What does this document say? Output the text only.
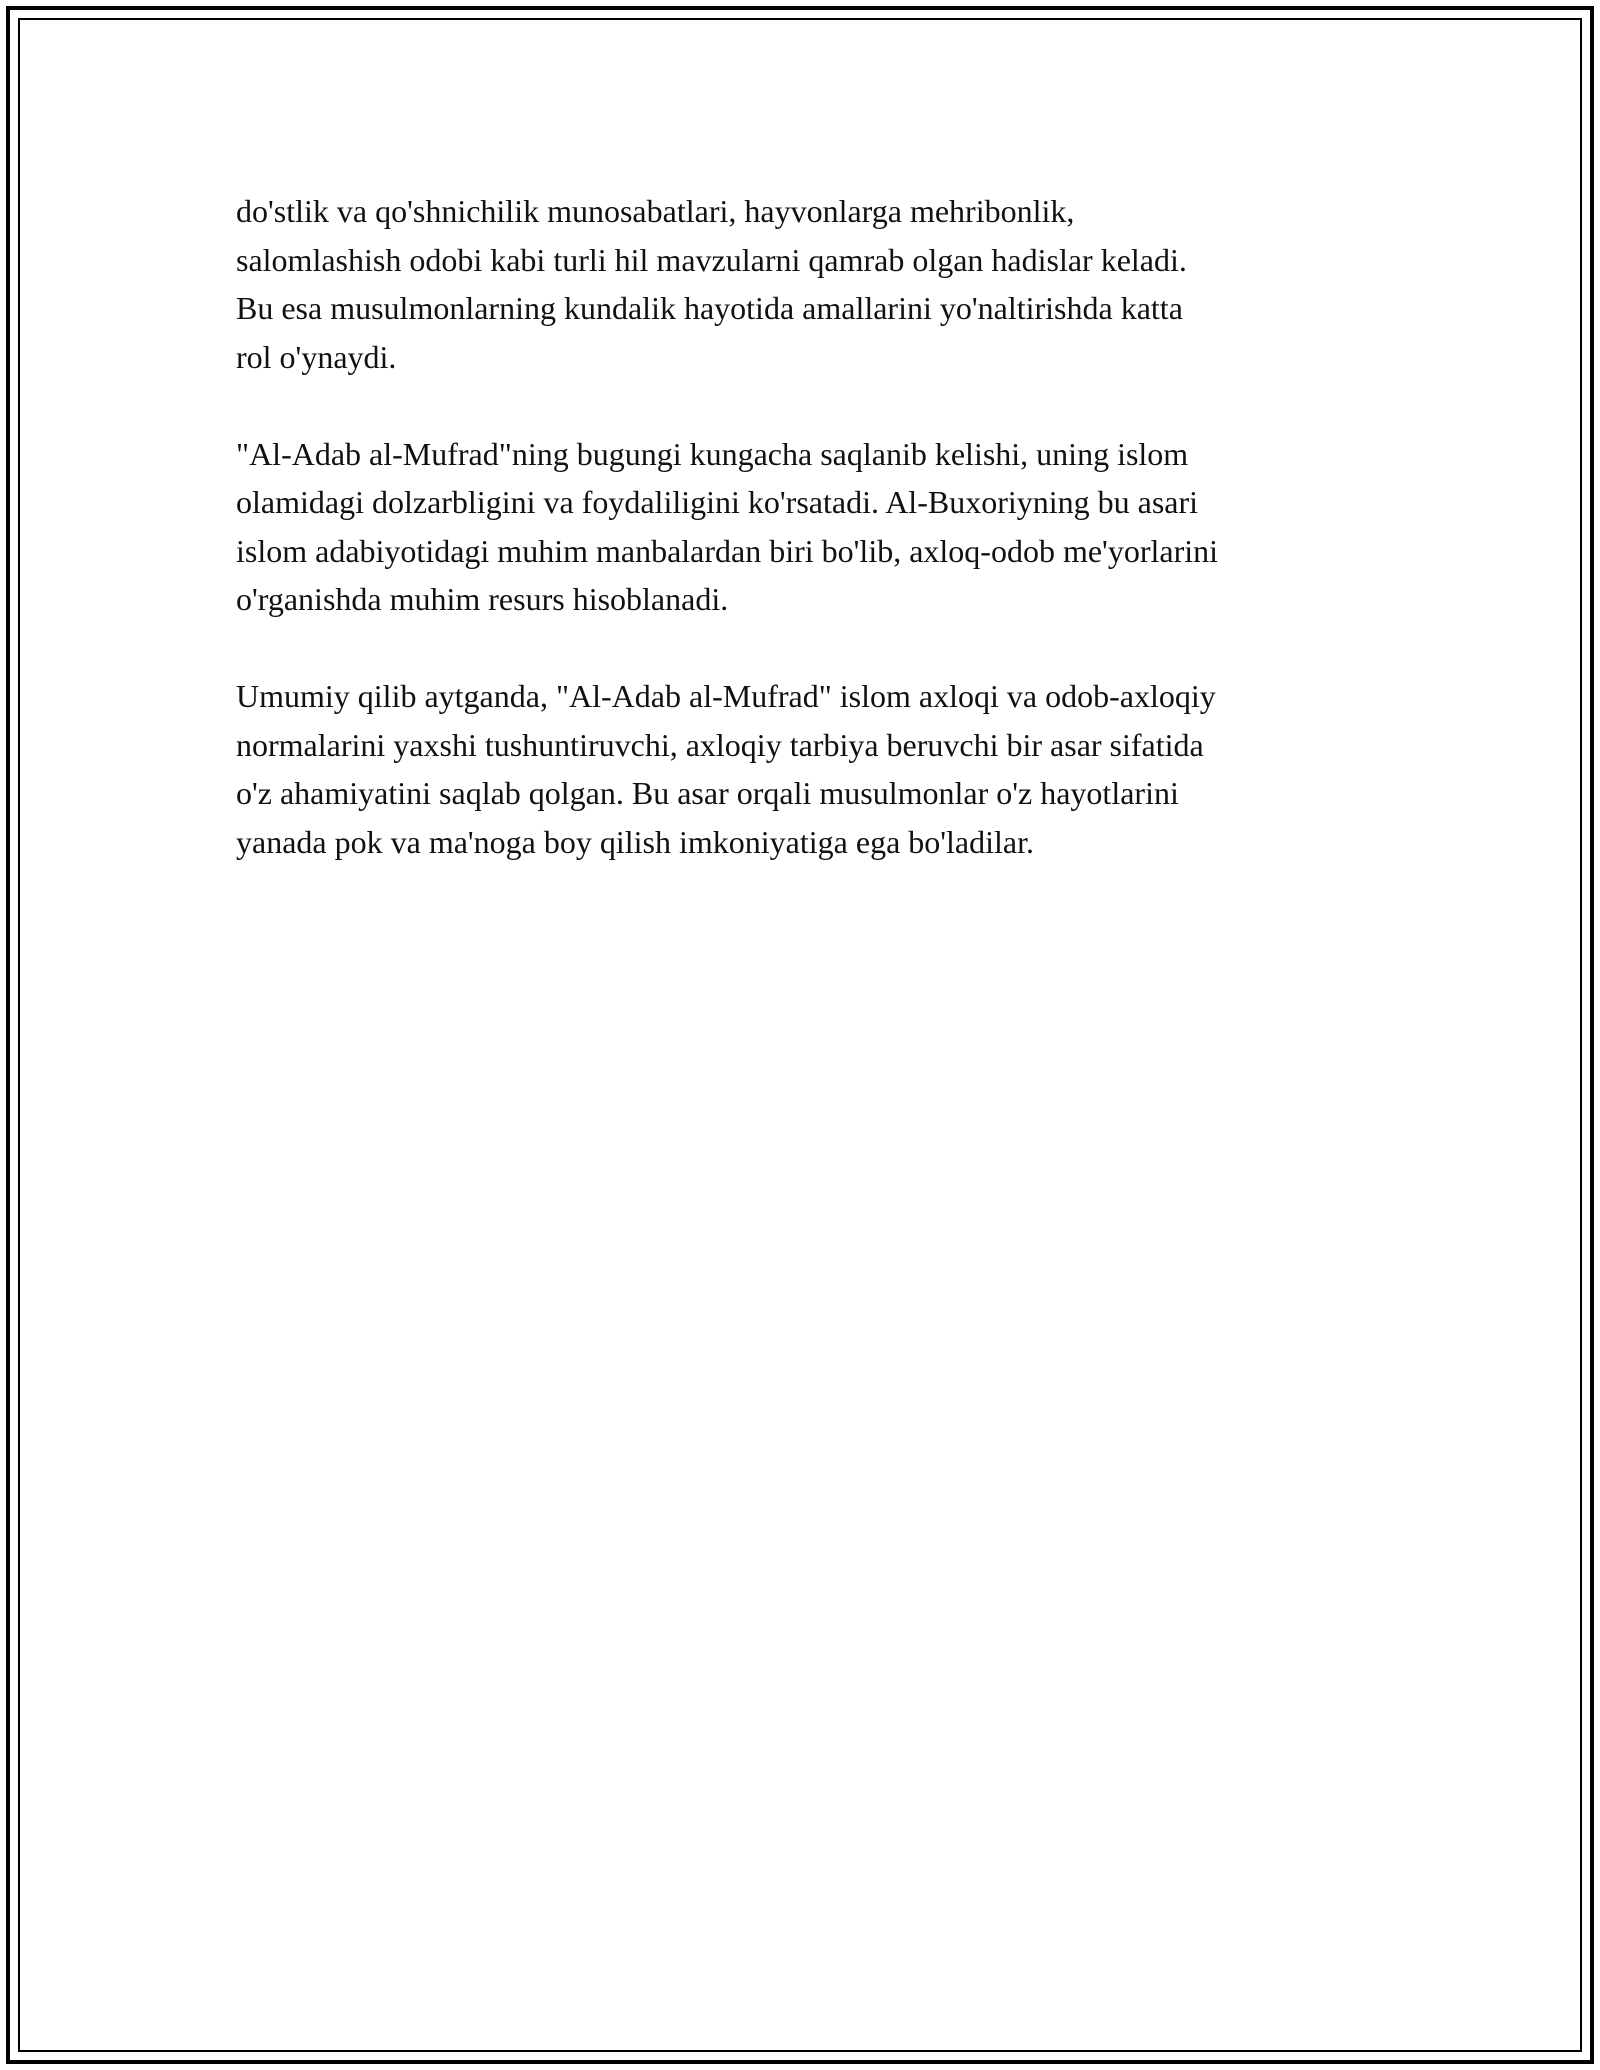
do'stlik va qo'shnichilik munosabatlari, hayvonlarga mehribonlik,
salomlashish odobi kabi turli hil mavzularni qamrab olgan hadislar keladi.
Bu esa musulmonlarning kundalik hayotida amallarini yo'naltirishda katta
rol o'ynaydi.

"Al-Adab al-Mufrad"ning bugungi kungacha saqlanib kelishi, uning islom
olamidagi dolzarbligini va foydaliligini ko'rsatadi. Al-Buxoriyning bu asari
islom adabiyotidagi muhim manbalardan biri bo'lib, axloq-odob me'yorlarini
o'rganishda muhim resurs hisoblanadi.

Umumiy qilib aytganda, "Al-Adab al-Mufrad" islom axloqi va odob-axloqiy
normalarini yaxshi tushuntiruvchi, axloqiy tarbiya beruvchi bir asar sifatida
o'z ahamiyatini saqlab qolgan. Bu asar orqali musulmonlar o'z hayotlarini
yanada pok va ma'noga boy qilish imkoniyatiga ega bo'ladilar.
